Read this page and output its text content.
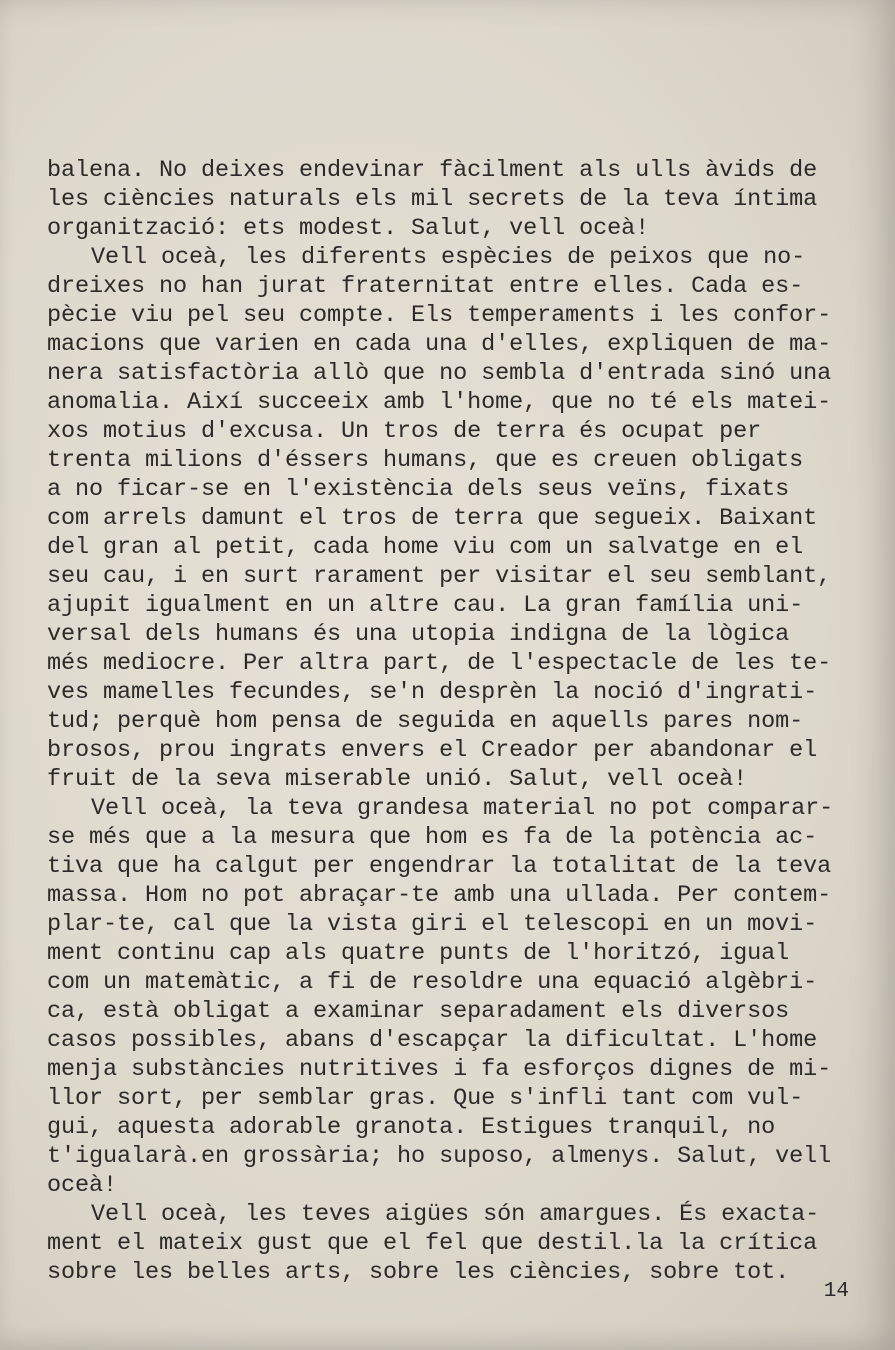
balena. No deixes endevinar fàcilment als ulls àvids de
les ciències naturals els mil secrets de la teva íntima
organització: ets modest. Salut, vell oceà!
Vell oceà, les diferents espècies de peixos que no-
dreixes no han jurat fraternitat entre elles. Cada es-
pècie viu pel seu compte. Els temperaments i les confor-
macions que varien en cada una d'elles, expliquen de ma-
nera satisfactòria allò que no sembla d'entrada sinó una
anomalia. Així succeeix amb l'home, que no té els matei-
xos motius d'excusa. Un tros de terra és ocupat per
trenta milions d'éssers humans, que es creuen obligats
a no ficar-se en l'existència dels seus veïns, fixats
com arrels damunt el tros de terra que segueix. Baixant
del gran al petit, cada home viu com un salvatge en el
seu cau, i en surt rarament per visitar el seu semblant,
ajupit igualment en un altre cau. La gran família uni-
versal dels humans és una utopia indigna de la lògica
més mediocre. Per altra part, de l'espectacle de les te-
ves mamelles fecundes, se'n desprèn la noció d'ingrati-
tud; perquè hom pensa de seguida en aquells pares nom-
brosos, prou ingrats envers el Creador per abandonar el
fruit de la seva miserable unió. Salut, vell oceà!
Vell oceà, la teva grandesa material no pot comparar-
se més que a la mesura que hom es fa de la potència ac-
tiva que ha calgut per engendrar la totalitat de la teva
massa. Hom no pot abraçar-te amb una ullada. Per contem-
plar-te, cal que la vista giri el telescopi en un movi-
ment continu cap als quatre punts de l'horitzó, igual
com un matemàtic, a fi de resoldre una equació algèbri-
ca, està obligat a examinar separadament els diversos
casos possibles, abans d'escapçar la dificultat. L'home
menja substàncies nutritives i fa esforços dignes de mi-
llor sort, per semblar gras. Que s'infli tant com vul-
gui, aquesta adorable granota. Estigues tranquil, no
t'igualarà.en grossària; ho suposo, almenys. Salut, vell
oceà!
Vell oceà, les teves aigües són amargues. És exacta-
ment el mateix gust que el fel que destil.la la crítica
sobre les belles arts, sobre les ciències, sobre tot.
14
